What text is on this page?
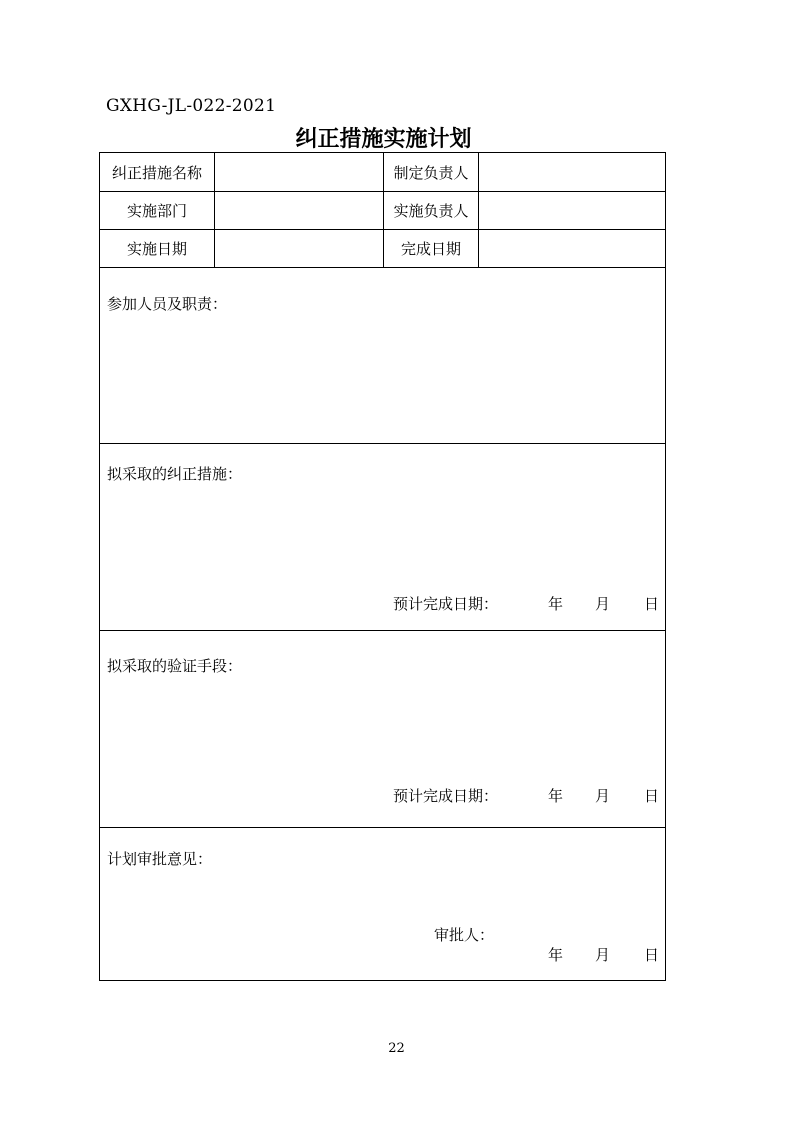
GXHG-JL-022-2021
纠正措施实施计划
纠正措施名称	制定负责人
实施部门	实施负责人
实施日期	完成日期
参加人员及职责：
拟采取的纠正措施：
预计完成日期：	年 月 日
拟采取的验证手段：
预计完成日期：	年 月 日
计划审批意见：
审批人：
年 月 日
22
